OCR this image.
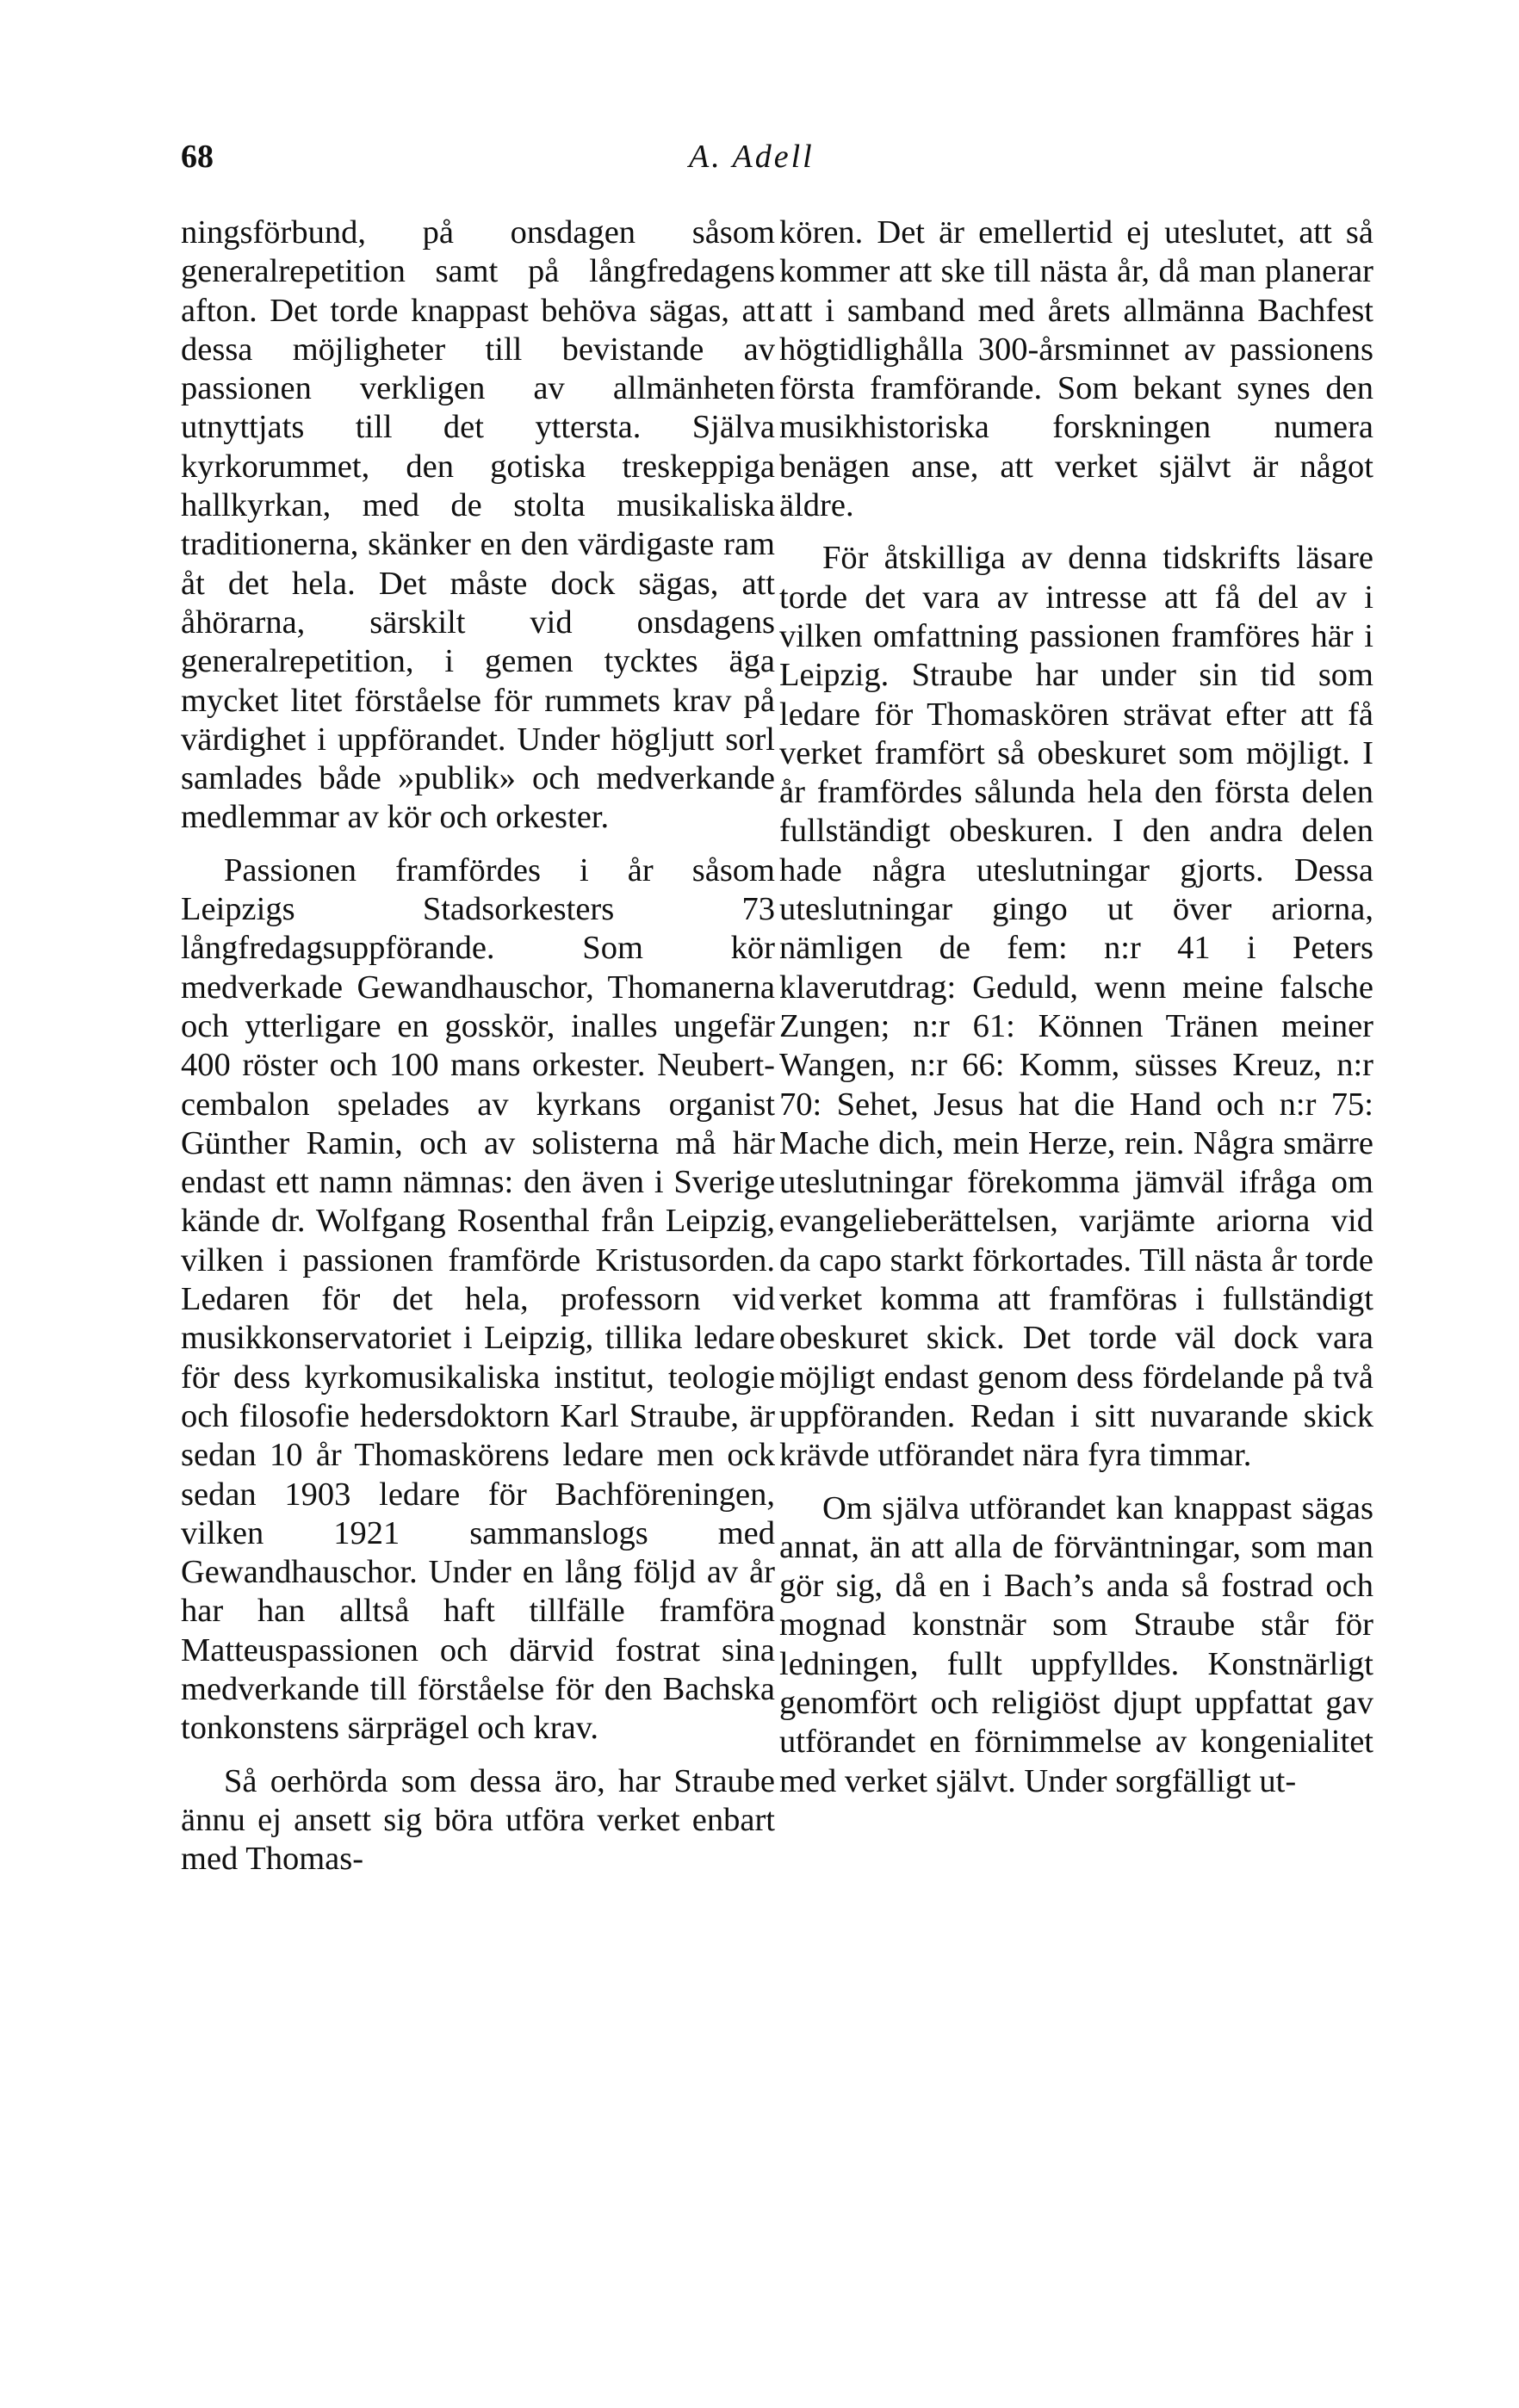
68	A. Adell

ningsförbund, på onsdagen såsom generalrepetition samt på långfredagens afton. Det torde knappast behöva sägas, att dessa möjligheter till bevistande av passionen verkligen av allmänheten utnyttjats till det yttersta. Själva kyrkorummet, den gotiska treskeppiga hallkyrkan, med de stolta musikaliska traditionerna, skänker en den värdigaste ram åt det hela. Det måste dock sägas, att åhörarna, särskilt vid onsdagens generalrepetition, i gemen tycktes äga mycket litet förståelse för rummets krav på värdighet i uppförandet. Under högljutt sorl samlades både »publik» och medverkande medlemmar av kör och orkester.

Passionen framfördes i år såsom Leipzigs Stadsorkesters 73 långfredagsuppförande. Som kör medverkade Gewandhauschor, Thomanerna och ytterligare en gosskör, inalles ungefär 400 röster och 100 mans orkester. Neubert-cembalon spelades av kyrkans organist Günther Ramin, och av solisterna må här endast ett namn nämnas: den även i Sverige kände dr. Wolfgang Rosenthal från Leipzig, vilken i passionen framförde Kristusorden. Ledaren för det hela, professorn vid musikkonservatoriet i Leipzig, tillika ledare för dess kyrkomusikaliska institut, teologie och filosofie hedersdoktorn Karl Straube, är sedan 10 år Thomaskörens ledare men ock sedan 1903 ledare för Bachföreningen, vilken 1921 sammanslogs med Gewandhauschor. Under en lång följd av år har han alltså haft tillfälle framföra Matteuspassionen och därvid fostrat sina medverkande till förståelse för den Bachska tonkonstens särprägel och krav.

Så oerhörda som dessa äro, har Straube ännu ej ansett sig böra utföra verket enbart med Thomas-

kören. Det är emellertid ej uteslutet, att så kommer att ske till nästa år, då man planerar att i samband med årets allmänna Bachfest högtidlighålla 300-årsminnet av passionens första framförande. Som bekant synes den musikhistoriska forskningen numera benägen anse, att verket självt är något äldre.

För åtskilliga av denna tidskrifts läsare torde det vara av intresse att få del av i vilken omfattning passionen framföres här i Leipzig. Straube har under sin tid som ledare för Thomaskören strävat efter att få verket framfört så obeskuret som möjligt. I år framfördes sålunda hela den första delen fullständigt obeskuren. I den andra delen hade några uteslutningar gjorts. Dessa uteslutningar gingo ut över ariorna, nämligen de fem: n:r 41 i Peters klaverutdrag: Geduld, wenn meine falsche Zungen; n:r 61: Können Tränen meiner Wangen, n:r 66: Komm, süsses Kreuz, n:r 70: Sehet, Jesus hat die Hand och n:r 75: Mache dich, mein Herze, rein. Några smärre uteslutningar förekomma jämväl ifråga om evangelieberättelsen, varjämte ariorna vid da capo starkt förkortades. Till nästa år torde verket komma att framföras i fullständigt obeskuret skick. Det torde väl dock vara möjligt endast genom dess fördelande på två uppföranden. Redan i sitt nuvarande skick krävde utförandet nära fyra timmar.

Om själva utförandet kan knappast sägas annat, än att alla de förväntningar, som man gör sig, då en i Bach’s anda så fostrad och mognad konstnär som Straube står för ledningen, fullt uppfylldes. Konstnärligt genomfört och religiöst djupt uppfattat gav utförandet en förnimmelse av kongenialitet med verket självt. Under sorgfälligt ut-
